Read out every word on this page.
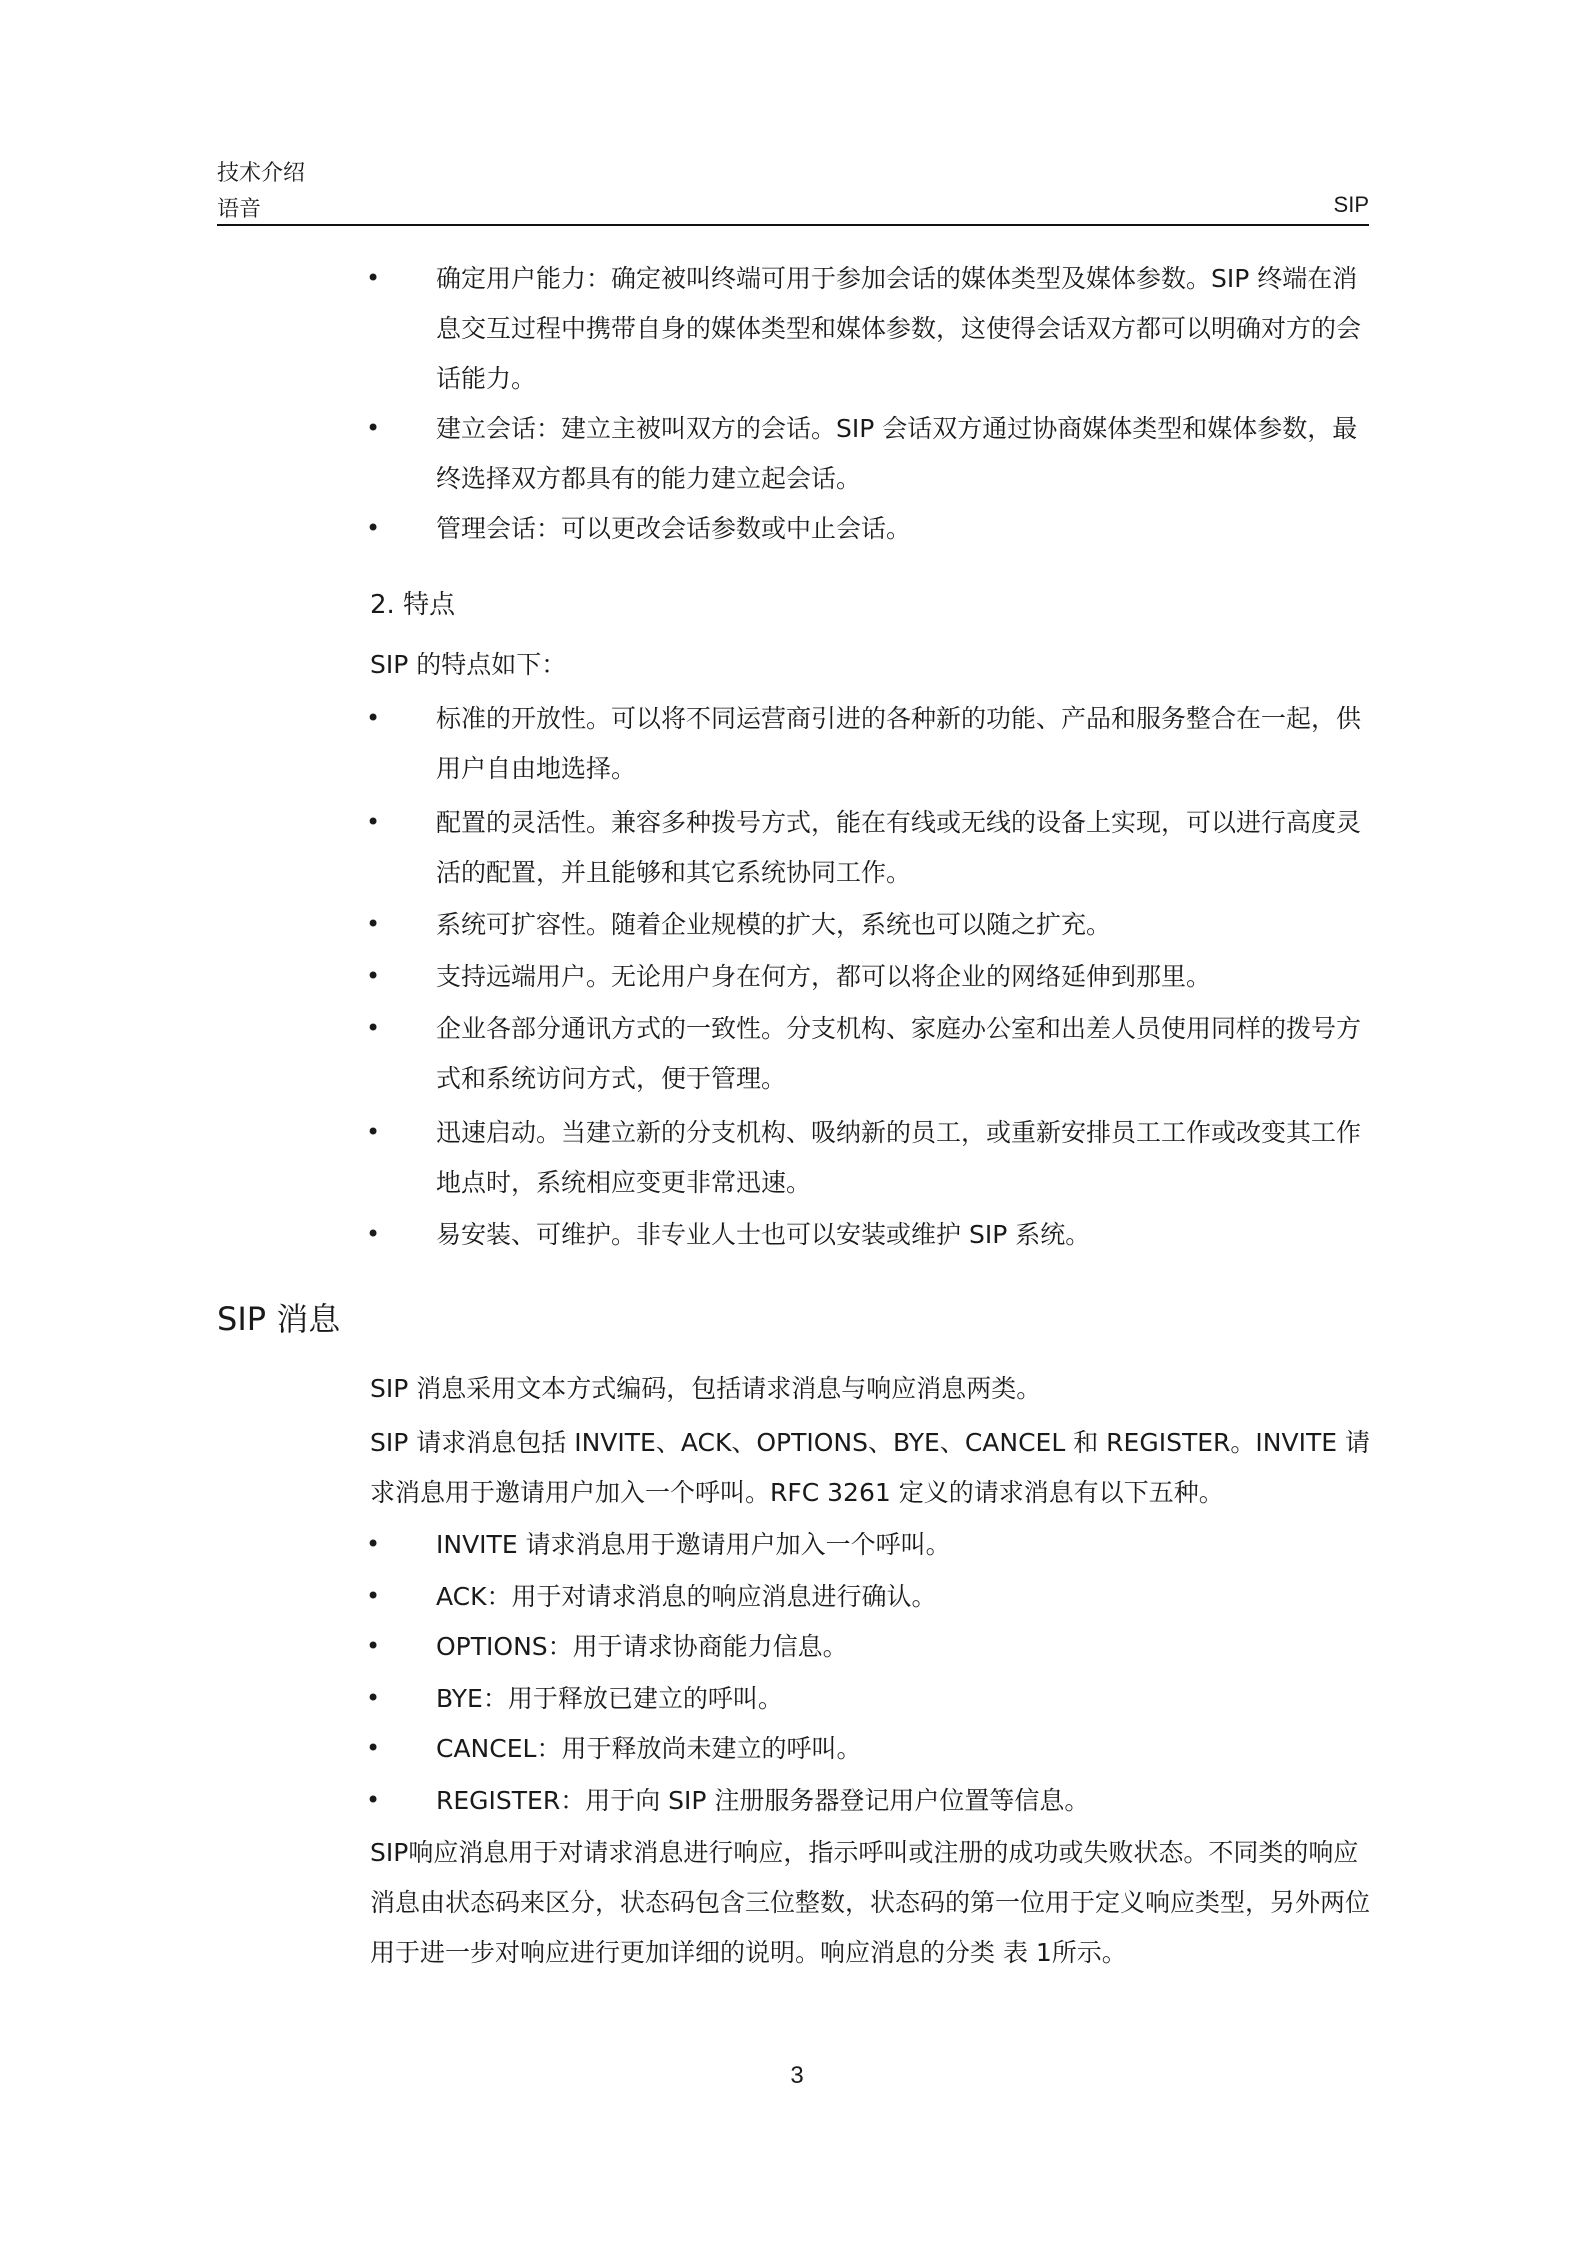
技术介绍
语音	SIP
• 确定用户能力：确定被叫终端可用于参加会话的媒体类型及媒体参数。SIP 终端在消息交互过程中携带自身的媒体类型和媒体参数，这使得会话双方都可以明确对方的会话能力。
• 建立会话：建立主被叫双方的会话。SIP 会话双方通过协商媒体类型和媒体参数，最终选择双方都具有的能力建立起会话。
• 管理会话：可以更改会话参数或中止会话。
2. 特点
SIP 的特点如下：
• 标准的开放性。可以将不同运营商引进的各种新的功能、产品和服务整合在一起，供用户自由地选择。
• 配置的灵活性。兼容多种拨号方式，能在有线或无线的设备上实现，可以进行高度灵活的配置，并且能够和其它系统协同工作。
• 系统可扩容性。随着企业规模的扩大，系统也可以随之扩充。
• 支持远端用户。无论用户身在何方，都可以将企业的网络延伸到那里。
• 企业各部分通讯方式的一致性。分支机构、家庭办公室和出差人员使用同样的拨号方式和系统访问方式，便于管理。
• 迅速启动。当建立新的分支机构、吸纳新的员工，或重新安排员工工作或改变其工作地点时，系统相应变更非常迅速。
• 易安装、可维护。非专业人士也可以安装或维护 SIP 系统。
SIP 消息
SIP 消息采用文本方式编码，包括请求消息与响应消息两类。
SIP 请求消息包括 INVITE、ACK、OPTIONS、BYE、CANCEL 和 REGISTER。INVITE 请求消息用于邀请用户加入一个呼叫。RFC 3261 定义的请求消息有以下五种。
• INVITE 请求消息用于邀请用户加入一个呼叫。
• ACK：用于对请求消息的响应消息进行确认。
• OPTIONS：用于请求协商能力信息。
• BYE：用于释放已建立的呼叫。
• CANCEL：用于释放尚未建立的呼叫。
• REGISTER：用于向 SIP 注册服务器登记用户位置等信息。
SIP响应消息用于对请求消息进行响应，指示呼叫或注册的成功或失败状态。不同类的响应消息由状态码来区分，状态码包含三位整数，状态码的第一位用于定义响应类型，另外两位用于进一步对响应进行更加详细的说明。响应消息的分类 表 1所示。
3
